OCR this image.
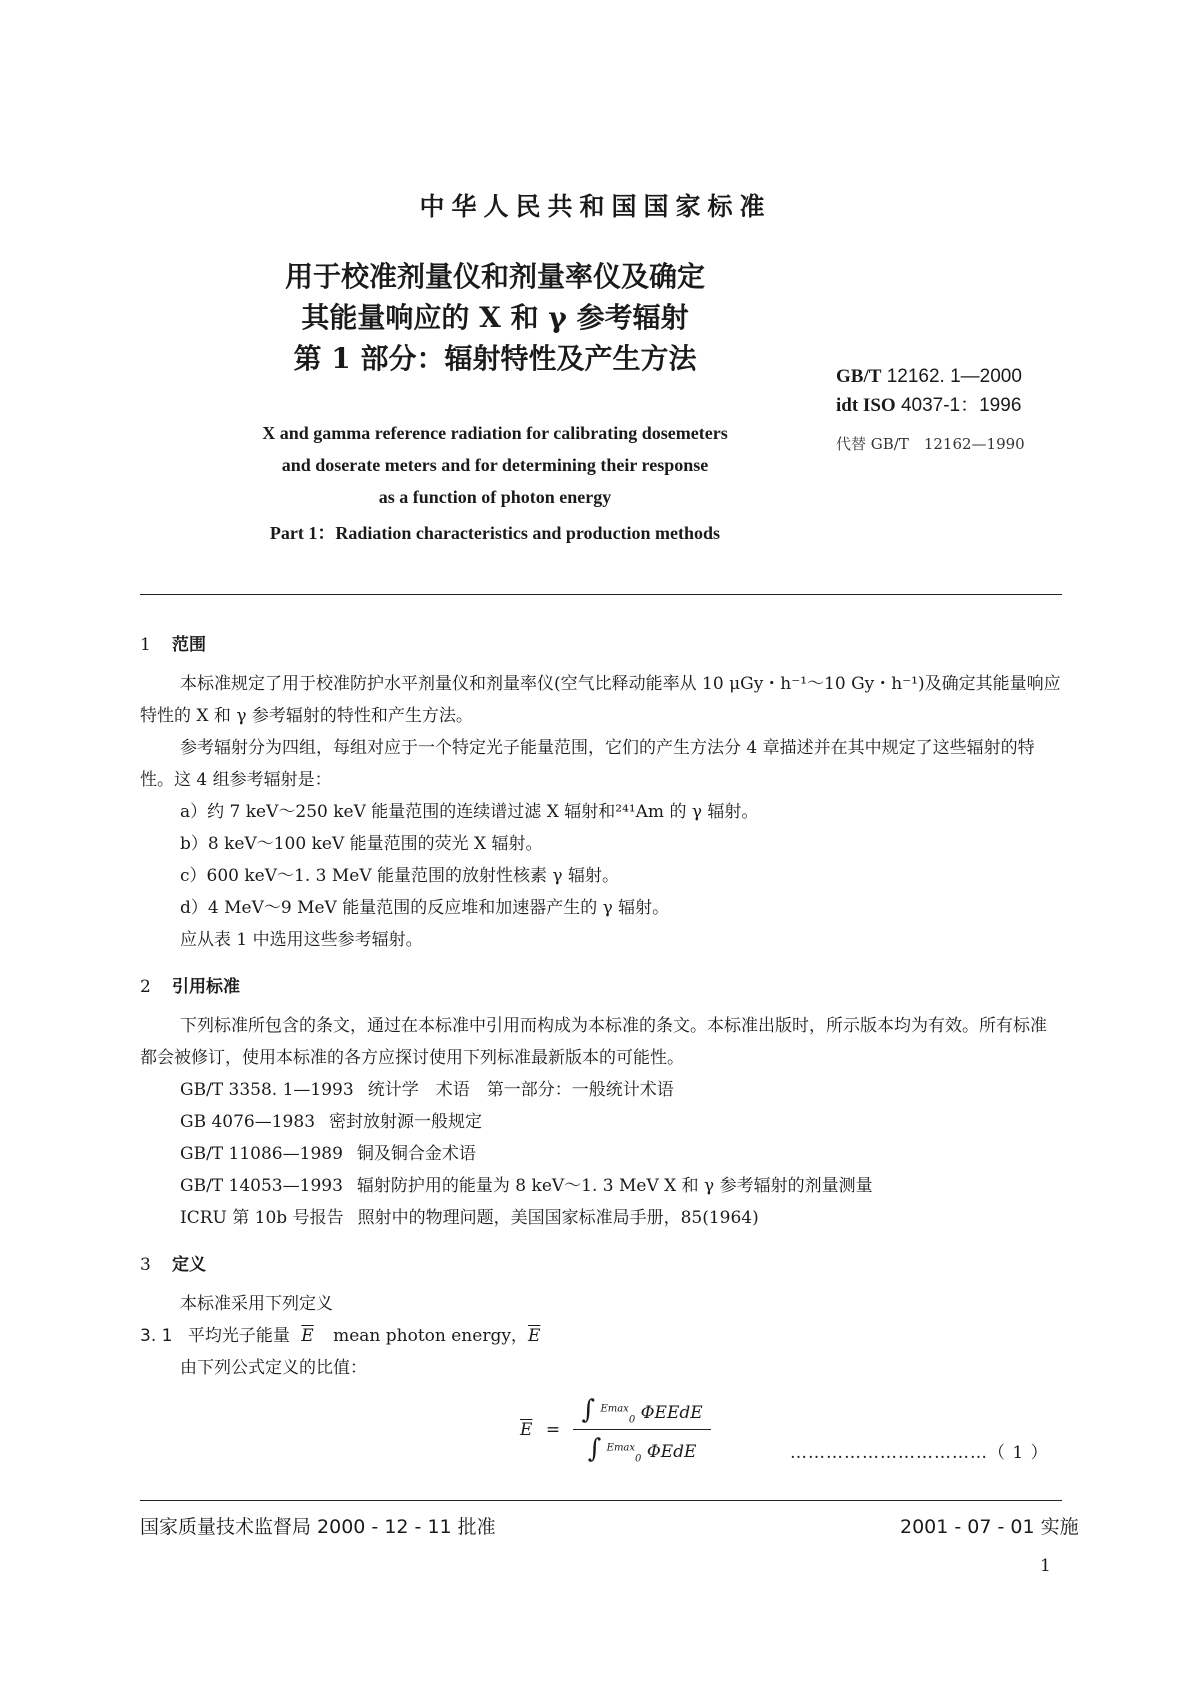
中华人民共和国国家标准
用于校准剂量仪和剂量率仪及确定
其能量响应的 X 和 γ 参考辐射
第 1 部分：辐射特性及产生方法
GB/T 12162. 1—2000
idt ISO 4037-1：1996
代替 GB/T　12162—1990
X and gamma reference radiation for calibrating dosemeters
and doserate meters and for determining their response
as a function of photon energy
Part 1：Radiation characteristics and production methods
1 范围

本标准规定了用于校准防护水平剂量仪和剂量率仪(空气比释动能率从 10 μGy・h⁻¹～10 Gy・h⁻¹)及确定其能量响应特性的 X 和 γ 参考辐射的特性和产生方法。

参考辐射分为四组，每组对应于一个特定光子能量范围，它们的产生方法分 4 章描述并在其中规定了这些辐射的特性。这 4 组参考辐射是：

a）约 7 keV～250 keV 能量范围的连续谱过滤 X 辐射和²⁴¹Am 的 γ 辐射。
b）8 keV～100 keV 能量范围的荧光 X 辐射。
c）600 keV～1. 3 MeV 能量范围的放射性核素 γ 辐射。
d）4 MeV～9 MeV 能量范围的反应堆和加速器产生的 γ 辐射。
应从表 1 中选用这些参考辐射。
2 引用标准

下列标准所包含的条文，通过在本标准中引用而构成为本标准的条文。本标准出版时，所示版本均为有效。所有标准都会被修订，使用本标准的各方应探讨使用下列标准最新版本的可能性。

GB/T 3358. 1—1993 统计学　术语　第一部分：一般统计术语
GB 4076—1983 密封放射源一般规定
GB/T 11086—1989 铜及铜合金术语
GB/T 14053—1993 辐射防护用的能量为 8 keV～1. 3 MeV X 和 γ 参考辐射的剂量测量
ICRU 第 10b 号报告 照射中的物理问题，美国国家标准局手册，85(1964)
3 定义
本标准采用下列定义
3. 1 平均光子能量 $\overline{E}$ mean photon energy，$\overline{E}$
由下列公式定义的比值：
$\overline{E} = \frac{\int ^{Emax}_0 \Phi EEdE}{\int ^{Emax}_0 \Phi EdE}$	……………………………（ 1 ）
国家质量技术监督局 2000 - 12 - 11 批准	2001 - 07 - 01 实施
1
